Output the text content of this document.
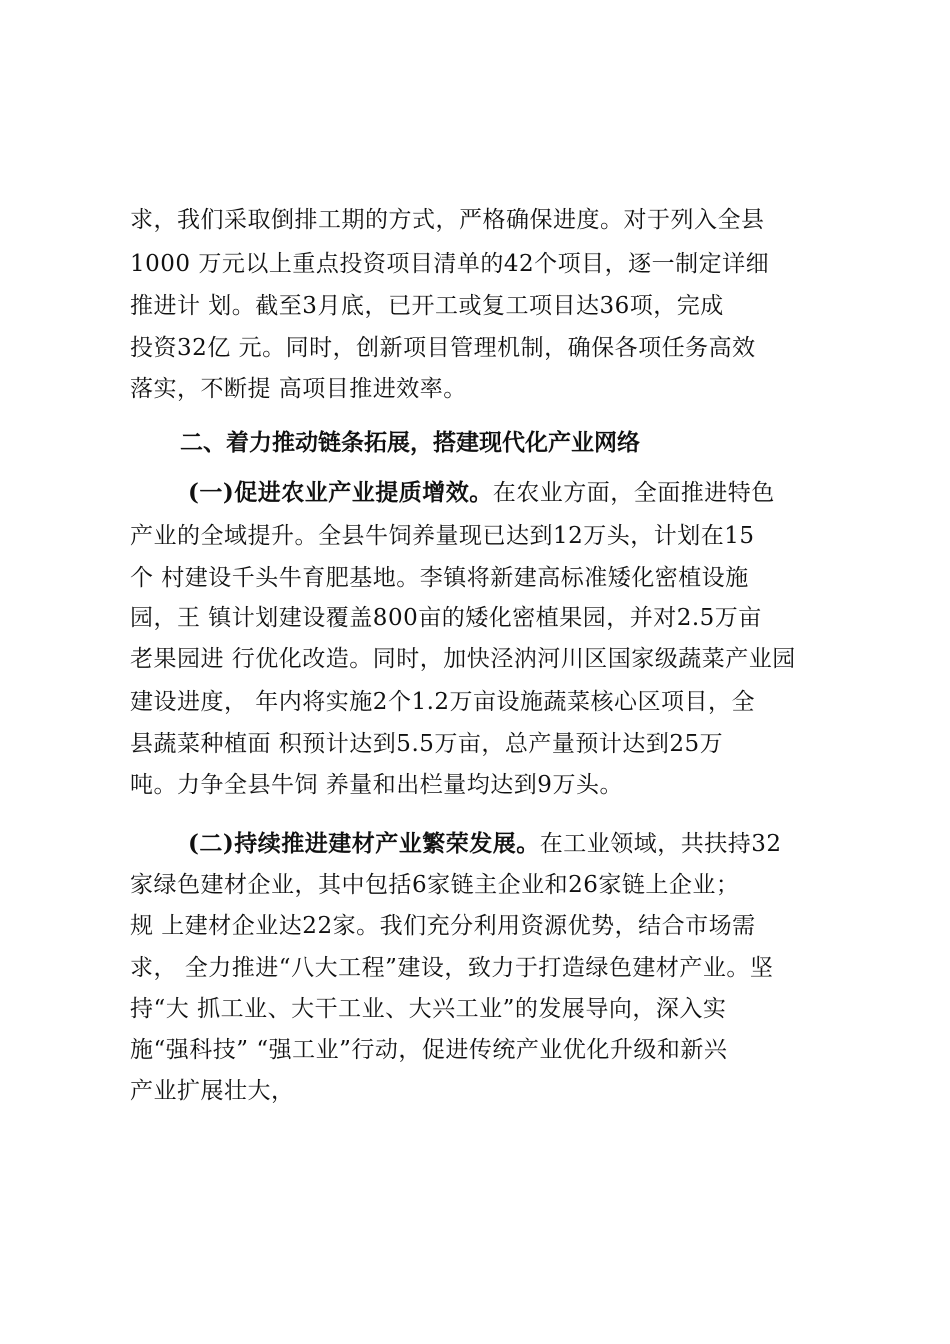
求，我们采取倒排工期的方式，严格确保进度。对于列入全县
1000 万元以上重点投资项目清单的42个项目，逐一制定详细
推进计 划。截至3月底，已开工或复工项目达36项，完成
投资32亿 元。同时，创新项目管理机制，确保各项任务高效
落实，不断提 高项目推进效率。
二、着力推动链条拓展，搭建现代化产业网络
(一)促进农业产业提质增效。在农业方面，全面推进特色
产业的全域提升。全县牛饲养量现已达到12万头，计划在15
个 村建设千头牛育肥基地。李镇将新建高标准矮化密植设施
园，王 镇计划建设覆盖800亩的矮化密植果园，并对2.5万亩
老果园进 行优化改造。同时，加快泾汭河川区国家级蔬菜产业园
建设进度， 年内将实施2个1.2万亩设施蔬菜核心区项目，全
县蔬菜种植面 积预计达到5.5万亩，总产量预计达到25万
吨。力争全县牛饲 养量和出栏量均达到9万头。
(二)持续推进建材产业繁荣发展。在工业领域，共扶持32
家绿色建材企业，其中包括6家链主企业和26家链上企业；
规 上建材企业达22家。我们充分利用资源优势，结合市场需
求， 全力推进“八大工程”建设，致力于打造绿色建材产业。坚
持“大 抓工业、大干工业、大兴工业”的发展导向，深入实
施“强科技” “强工业”行动，促进传统产业优化升级和新兴
产业扩展壮大，
